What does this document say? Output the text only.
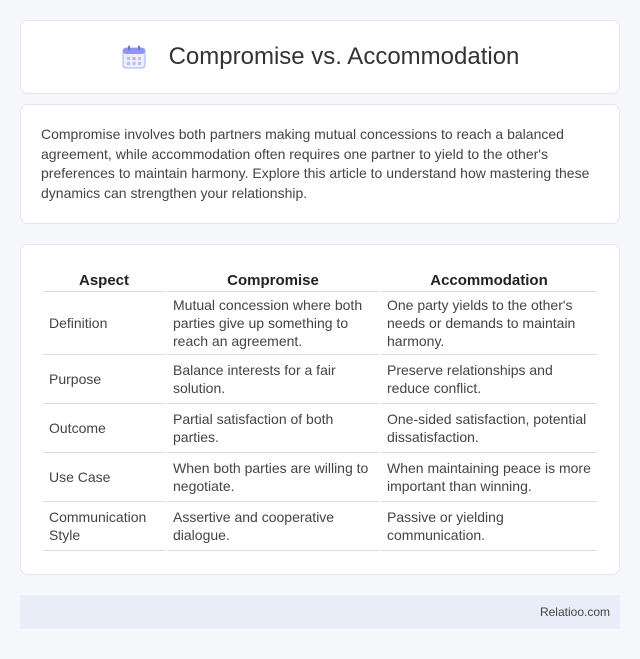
Compromise vs. Accommodation

Compromise involves both partners making mutual concessions to reach a balanced agreement, while accommodation often requires one partner to yield to the other's preferences to maintain harmony. Explore this article to understand how mastering these dynamics can strengthen your relationship.

Aspect	Compromise	Accommodation
Definition	Mutual concession where both parties give up something to reach an agreement.	One party yields to the other's needs or demands to maintain harmony.
Purpose	Balance interests for a fair solution.	Preserve relationships and reduce conflict.
Outcome	Partial satisfaction of both parties.	One-sided satisfaction, potential dissatisfaction.
Use Case	When both parties are willing to negotiate.	When maintaining peace is more important than winning.
Communication Style	Assertive and cooperative dialogue.	Passive or yielding communication.
Relatioo.com
